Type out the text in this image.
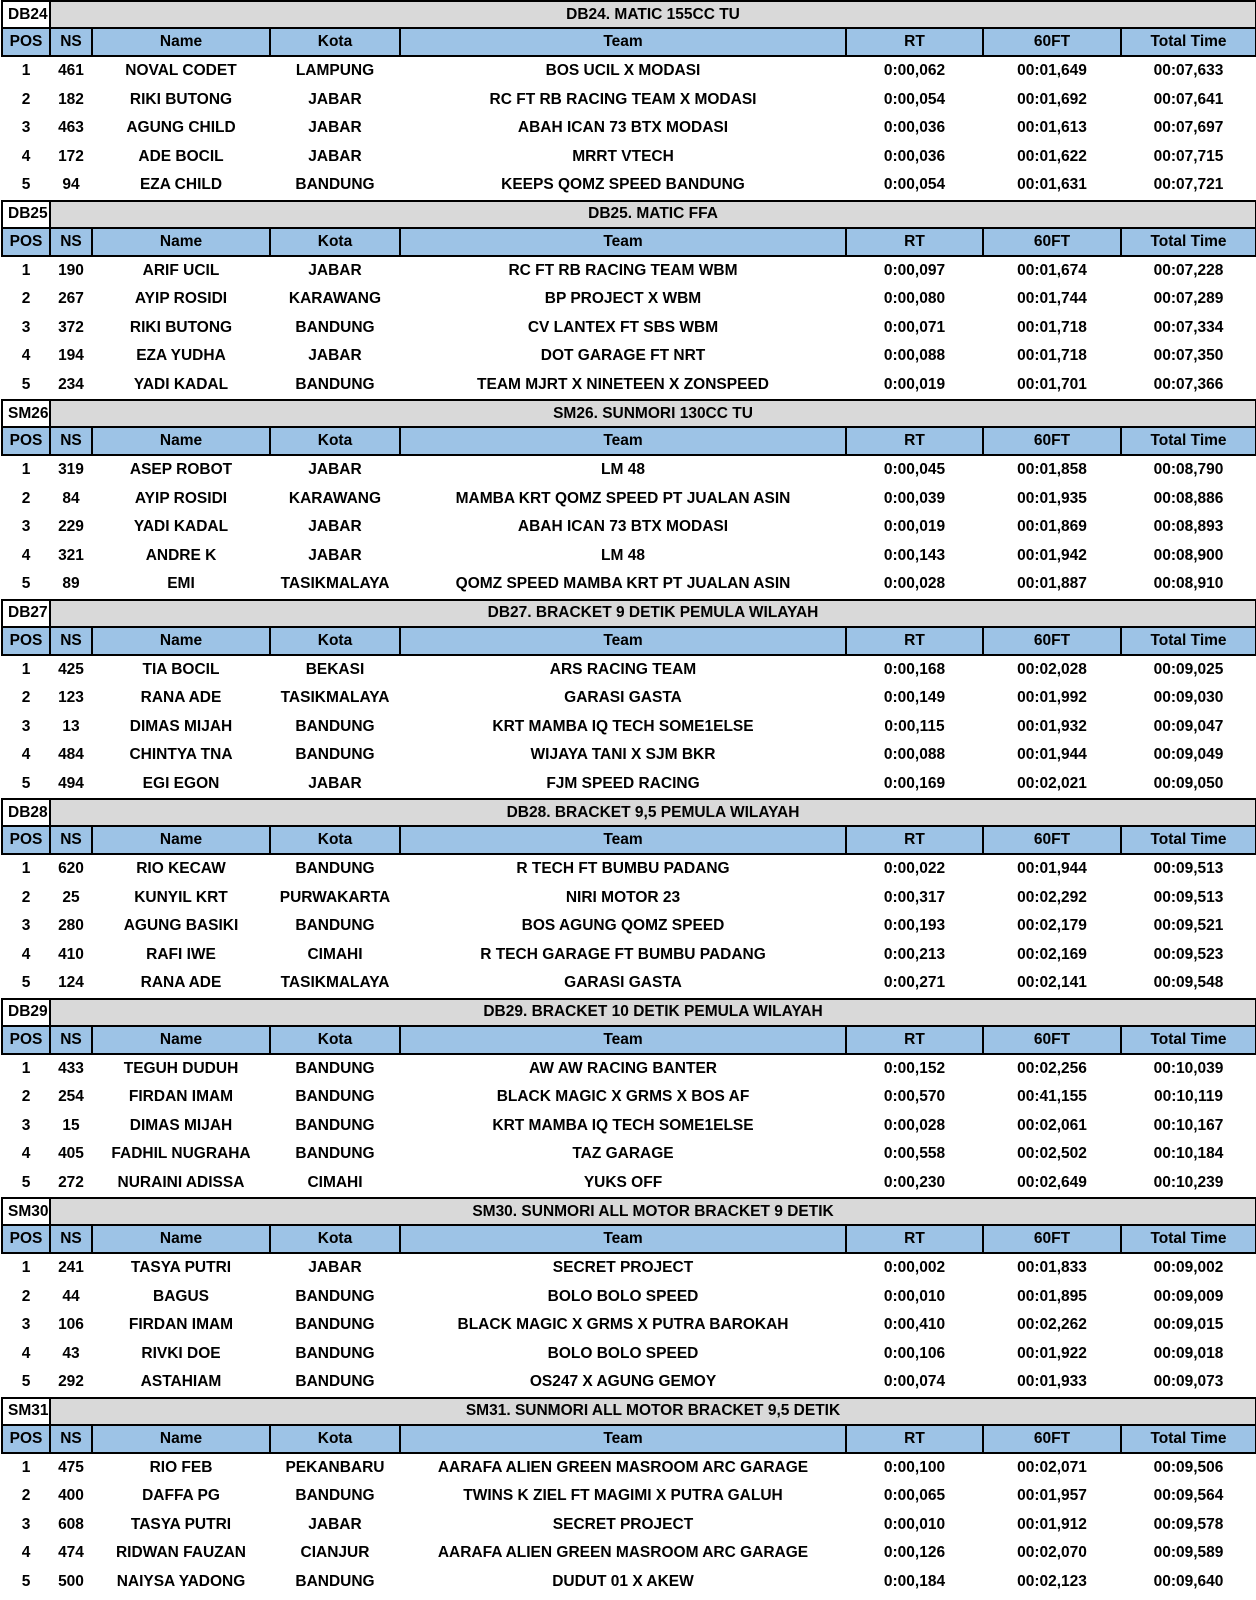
DB24	DB24. MATIC 155CC TU						
POS	NS	Name	Kota	Team	RT	60FT	Total Time
1	461	NOVAL CODET	LAMPUNG	BOS UCIL X MODASI	0:00,062	00:01,649	00:07,633
2	182	RIKI BUTONG	JABAR	RC FT RB RACING TEAM X MODASI	0:00,054	00:01,692	00:07,641
3	463	AGUNG CHILD	JABAR	ABAH ICAN 73 BTX MODASI	0:00,036	00:01,613	00:07,697
4	172	ADE BOCIL	JABAR	MRRT VTECH	0:00,036	00:01,622	00:07,715
5	94	EZA CHILD	BANDUNG	KEEPS QOMZ SPEED BANDUNG	0:00,054	00:01,631	00:07,721
DB25	DB25. MATIC FFA						
POS	NS	Name	Kota	Team	RT	60FT	Total Time
1	190	ARIF UCIL	JABAR	RC FT RB RACING TEAM WBM	0:00,097	00:01,674	00:07,228
2	267	AYIP ROSIDI	KARAWANG	BP PROJECT X WBM	0:00,080	00:01,744	00:07,289
3	372	RIKI BUTONG	BANDUNG	CV LANTEX FT SBS WBM	0:00,071	00:01,718	00:07,334
4	194	EZA YUDHA	JABAR	DOT GARAGE FT NRT	0:00,088	00:01,718	00:07,350
5	234	YADI KADAL	BANDUNG	TEAM MJRT X NINETEEN X ZONSPEED	0:00,019	00:01,701	00:07,366
SM26	SM26. SUNMORI 130CC TU						
POS	NS	Name	Kota	Team	RT	60FT	Total Time
1	319	ASEP ROBOT	JABAR	LM 48	0:00,045	00:01,858	00:08,790
2	84	AYIP ROSIDI	KARAWANG	MAMBA KRT QOMZ SPEED PT JUALAN ASIN	0:00,039	00:01,935	00:08,886
3	229	YADI KADAL	JABAR	ABAH ICAN 73 BTX MODASI	0:00,019	00:01,869	00:08,893
4	321	ANDRE K	JABAR	LM 48	0:00,143	00:01,942	00:08,900
5	89	EMI	TASIKMALAYA	QOMZ SPEED MAMBA KRT PT JUALAN ASIN	0:00,028	00:01,887	00:08,910
DB27	DB27. BRACKET 9 DETIK PEMULA WILAYAH						
POS	NS	Name	Kota	Team	RT	60FT	Total Time
1	425	TIA BOCIL	BEKASI	ARS RACING TEAM	0:00,168	00:02,028	00:09,025
2	123	RANA ADE	TASIKMALAYA	GARASI GASTA	0:00,149	00:01,992	00:09,030
3	13	DIMAS MIJAH	BANDUNG	KRT MAMBA IQ TECH SOME1ELSE	0:00,115	00:01,932	00:09,047
4	484	CHINTYA TNA	BANDUNG	WIJAYA TANI X SJM BKR	0:00,088	00:01,944	00:09,049
5	494	EGI EGON	JABAR	FJM SPEED RACING	0:00,169	00:02,021	00:09,050
DB28	DB28. BRACKET 9,5 PEMULA WILAYAH						
POS	NS	Name	Kota	Team	RT	60FT	Total Time
1	620	RIO KECAW	BANDUNG	R TECH FT BUMBU PADANG	0:00,022	00:01,944	00:09,513
2	25	KUNYIL KRT	PURWAKARTA	NIRI MOTOR 23	0:00,317	00:02,292	00:09,513
3	280	AGUNG BASIKI	BANDUNG	BOS AGUNG QOMZ SPEED	0:00,193	00:02,179	00:09,521
4	410	RAFI IWE	CIMAHI	R TECH GARAGE FT BUMBU PADANG	0:00,213	00:02,169	00:09,523
5	124	RANA ADE	TASIKMALAYA	GARASI GASTA	0:00,271	00:02,141	00:09,548
DB29	DB29. BRACKET 10 DETIK PEMULA WILAYAH						
POS	NS	Name	Kota	Team	RT	60FT	Total Time
1	433	TEGUH DUDUH	BANDUNG	AW AW RACING BANTER	0:00,152	00:02,256	00:10,039
2	254	FIRDAN IMAM	BANDUNG	BLACK MAGIC X GRMS X BOS AF	0:00,570	00:41,155	00:10,119
3	15	DIMAS MIJAH	BANDUNG	KRT MAMBA IQ TECH SOME1ELSE	0:00,028	00:02,061	00:10,167
4	405	FADHIL NUGRAHA	BANDUNG	TAZ GARAGE	0:00,558	00:02,502	00:10,184
5	272	NURAINI ADISSA	CIMAHI	YUKS OFF	0:00,230	00:02,649	00:10,239
SM30	SM30. SUNMORI ALL MOTOR BRACKET 9 DETIK						
POS	NS	Name	Kota	Team	RT	60FT	Total Time
1	241	TASYA PUTRI	JABAR	SECRET PROJECT	0:00,002	00:01,833	00:09,002
2	44	BAGUS	BANDUNG	BOLO BOLO SPEED	0:00,010	00:01,895	00:09,009
3	106	FIRDAN IMAM	BANDUNG	BLACK MAGIC X GRMS X PUTRA BAROKAH	0:00,410	00:02,262	00:09,015
4	43	RIVKI DOE	BANDUNG	BOLO BOLO SPEED	0:00,106	00:01,922	00:09,018
5	292	ASTAHIAM	BANDUNG	OS247 X AGUNG GEMOY	0:00,074	00:01,933	00:09,073
SM31	SM31. SUNMORI ALL MOTOR BRACKET 9,5 DETIK						
POS	NS	Name	Kota	Team	RT	60FT	Total Time
1	475	RIO FEB	PEKANBARU	AARAFA ALIEN GREEN MASROOM ARC GARAGE	0:00,100	00:02,071	00:09,506
2	400	DAFFA PG	BANDUNG	TWINS K ZIEL FT MAGIMI X PUTRA GALUH	0:00,065	00:01,957	00:09,564
3	608	TASYA PUTRI	JABAR	SECRET PROJECT	0:00,010	00:01,912	00:09,578
4	474	RIDWAN FAUZAN	CIANJUR	AARAFA ALIEN GREEN MASROOM ARC GARAGE	0:00,126	00:02,070	00:09,589
5	500	NAIYSA YADONG	BANDUNG	DUDUT 01 X AKEW	0:00,184	00:02,123	00:09,640
